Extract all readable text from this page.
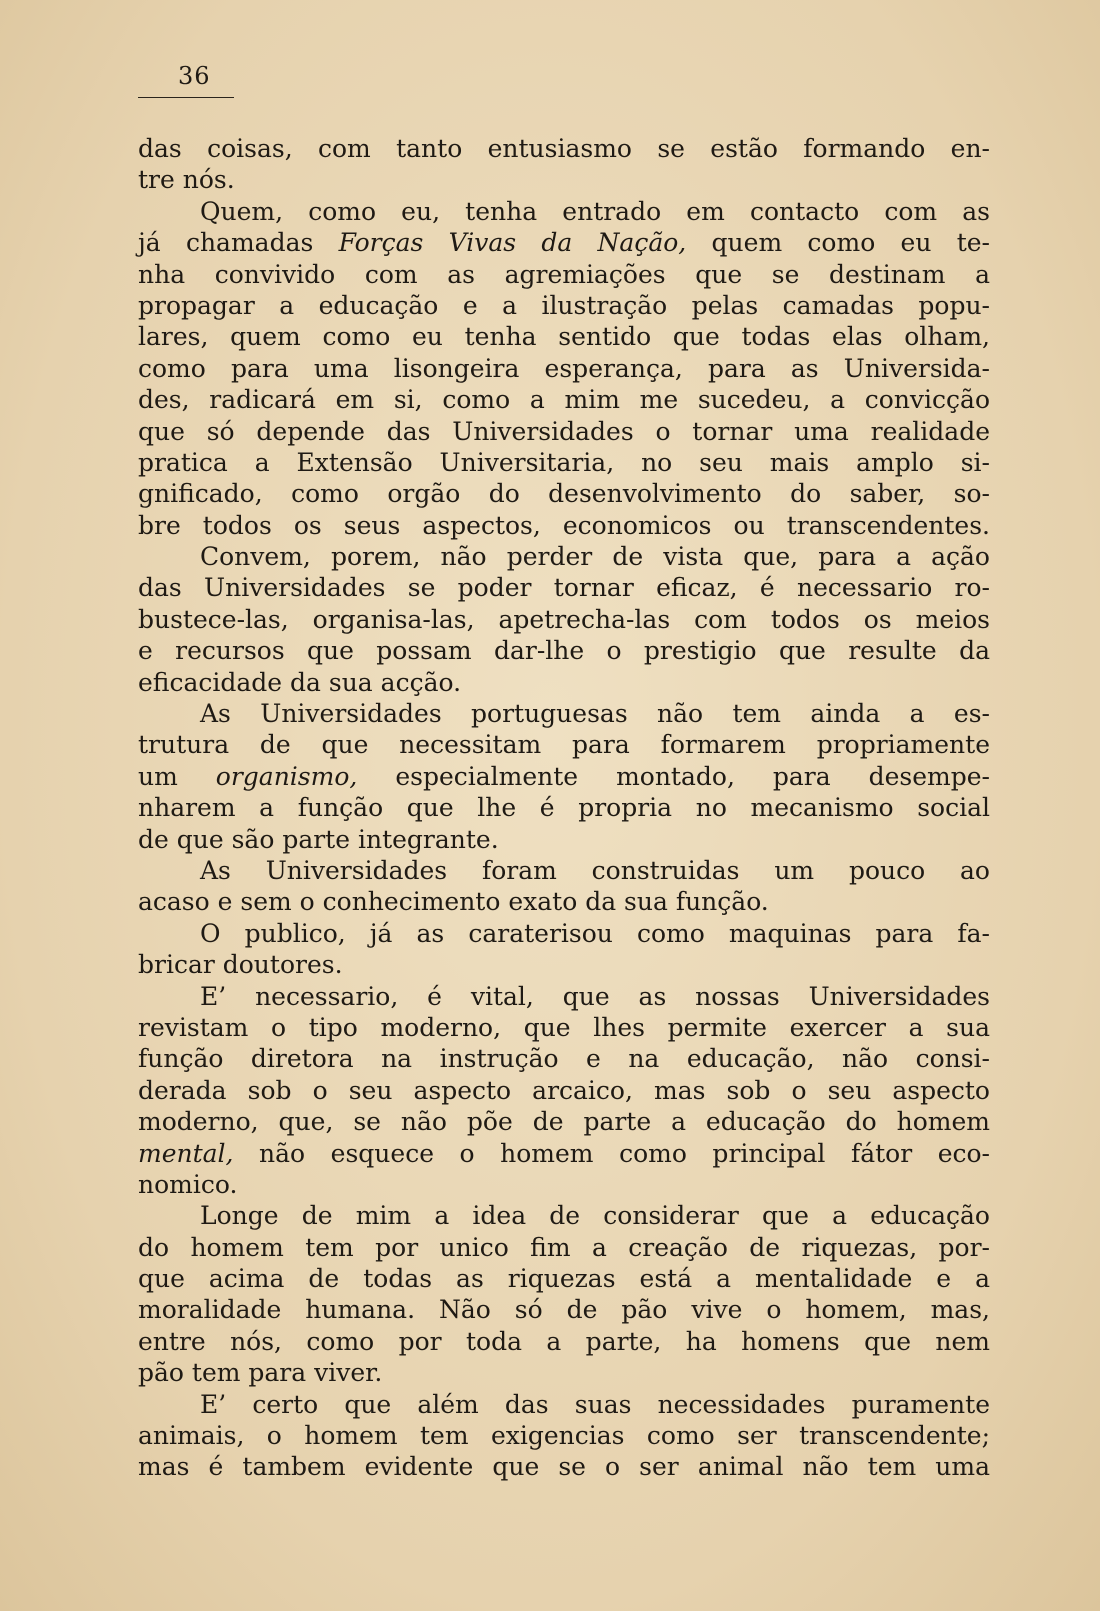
36
das coisas, com tanto entusiasmo se estão formando en-
tre nós.
Quem, como eu, tenha entrado em contacto com as
já chamadas Forças Vivas da Nação, quem como eu te-
nha convivido com as agremiações que se destinam a
propagar a educação e a ilustração pelas camadas popu-
lares, quem como eu tenha sentido que todas elas olham,
como para uma lisongeira esperança, para as Universida-
des, radicará em si, como a mim me sucedeu, a convicção
que só depende das Universidades o tornar uma realidade
pratica a Extensão Universitaria, no seu mais amplo si-
gnificado, como orgão do desenvolvimento do saber, so-
bre todos os seus aspectos, economicos ou transcendentes.
Convem, porem, não perder de vista que, para a ação
das Universidades se poder tornar eficaz, é necessario ro-
bustece-las, organisa-las, apetrecha-las com todos os meios
e recursos que possam dar-lhe o prestigio que resulte da
eficacidade da sua acção.
As Universidades portuguesas não tem ainda a es-
trutura de que necessitam para formarem propriamente
um organismo, especialmente montado, para desempe-
nharem a função que lhe é propria no mecanismo social
de que são parte integrante.
As Universidades foram construidas um pouco ao
acaso e sem o conhecimento exato da sua função.
O publico, já as caraterisou como maquinas para fa-
bricar doutores.
E’ necessario, é vital, que as nossas Universidades
revistam o tipo moderno, que lhes permite exercer a sua
função diretora na instrução e na educação, não consi-
derada sob o seu aspecto arcaico, mas sob o seu aspecto
moderno, que, se não põe de parte a educação do homem
mental, não esquece o homem como principal fátor eco-
nomico.
Longe de mim a idea de considerar que a educação
do homem tem por unico fim a creação de riquezas, por-
que acima de todas as riquezas está a mentalidade e a
moralidade humana. Não só de pão vive o homem, mas,
entre nós, como por toda a parte, ha homens que nem
pão tem para viver.
E’ certo que além das suas necessidades puramente
animais, o homem tem exigencias como ser transcendente;
mas é tambem evidente que se o ser animal não tem uma
